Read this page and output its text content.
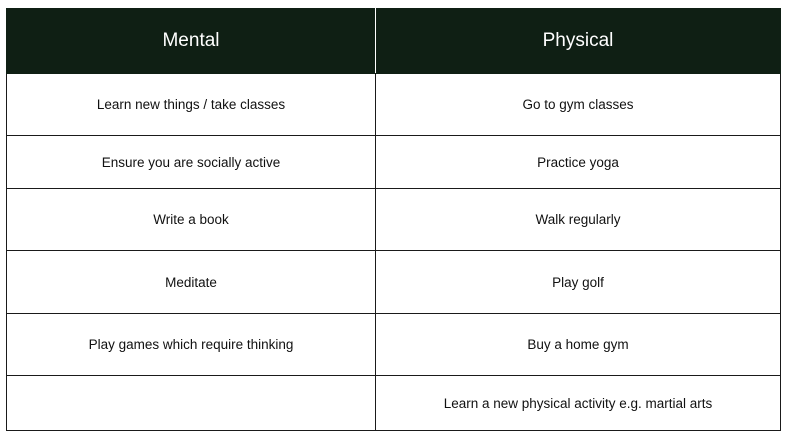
Mental	Physical
Learn new things / take classes	Go to gym classes
Ensure you are socially active	Practice yoga
Write a book	Walk regularly
Meditate	Play golf
Play games which require thinking	Buy a home gym
	Learn a new physical activity e.g. martial arts
